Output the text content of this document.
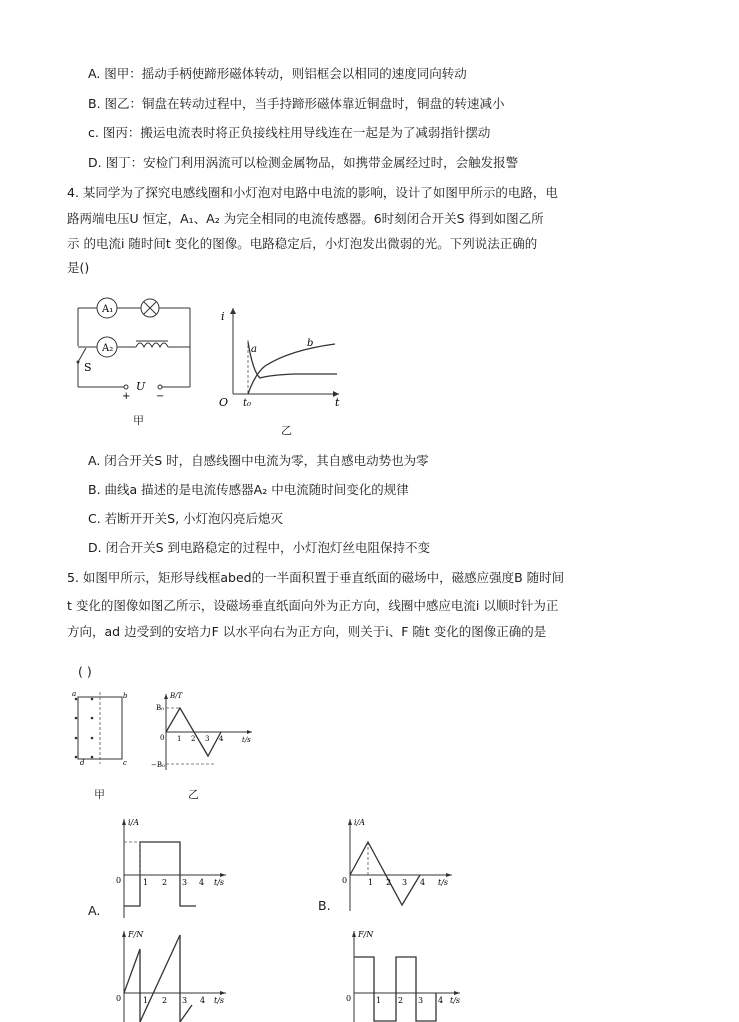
A. 图甲：摇动手柄使蹄形磁体转动，则铝框会以相同的速度同向转动
B. 图乙：铜盘在转动过程中，当手持蹄形磁体靠近铜盘时，铜盘的转速减小
c. 图丙：搬运电流表时将正负接线柱用导线连在一起是为了减弱指针摆动
D. 图丁：安检门利用涡流可以检测金属物品，如携带金属经过时，会触发报警
4. 某同学为了探究电感线圈和小灯泡对电路中电流的影响，设计了如图甲所示的电路，电
路两端电压U 恒定，A₁、A₂ 为完全相同的电流传感器。6时刻闭合开关S 得到如图乙所
示 的电流i 随时间t 变化的图像。电路稳定后，小灯泡发出微弱的光。下列说法正确的
是()
A₁
A₂
S
U
+	−
甲
i
t
O
a
b
t₀
乙
A. 闭合开关S 时，自感线圈中电流为零，其自感电动势也为零
B. 曲线a 描述的是电流传感器A₂ 中电流随时间变化的规律
C. 若断开开关S, 小灯泡闪亮后熄灭
D. 闭合开关S 到电路稳定的过程中，小灯泡灯丝电阻保持不变
5. 如图甲所示，矩形导线框abed的一半面积置于垂直纸面的磁场中，磁感应强度B 随时间
t 变化的图像如图乙所示，设磁场垂直纸面向外为正方向，线圈中感应电流i 以顺时针为正
方向，ad 边受到的安培力F 以水平向右为正方向，则关于i、F 随t 变化的图像正确的是
( )
a	b
c
d
甲
B/T
t/s
B₀
−B₀
0 1 2 3 4
乙
A.
i/A
t/s
0	1 2 3 4
B.
i/A
t/s
0	1 2 3 4
F/N
t/s
0	1 2 3 4
F/N
t/s
0	1 2 3 4
